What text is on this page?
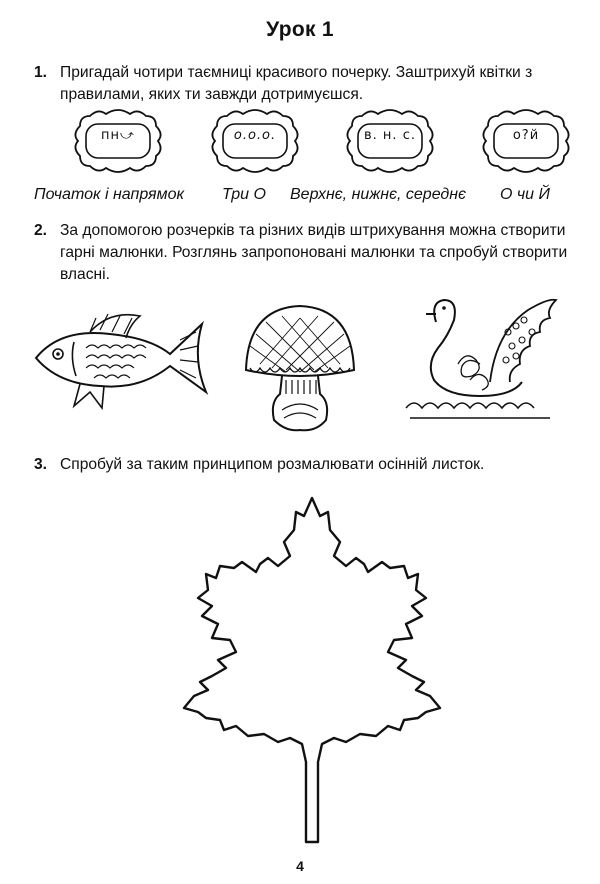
Урок 1
1. Пригадай чотири таємниці красивого почерку. Заштрихуй квітки з правилами, яких ти завжди дотримуєшся.
пн⤻	о.о.о.	в. н. с.	о?й
Початок і напрямок Три О Верхнє, нижнє, середнє О чи Й
2. За допомогою розчерків та різних видів штрихування можна створити гарні малюнки. Розглянь запропоновані малюнки та спробуй створити власні.
3. Спробуй за таким принципом розмалювати осінній листок.
4
